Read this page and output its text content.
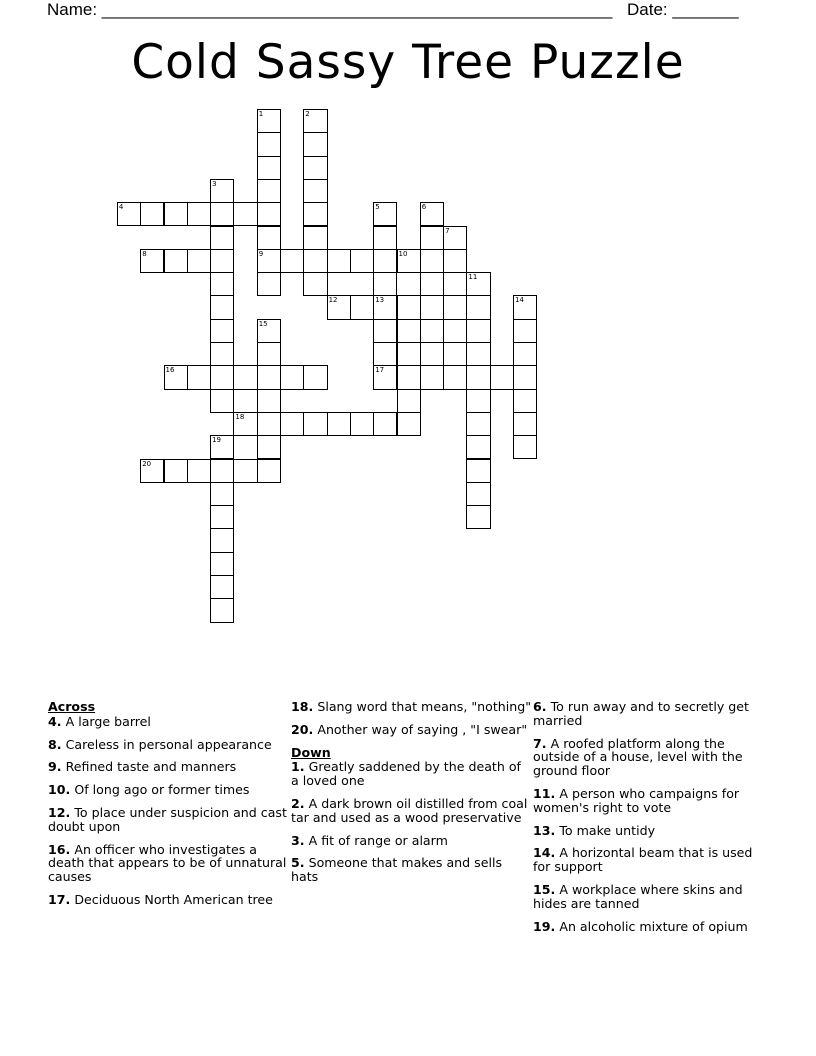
Name: ______________________________________________________ Date: _______
Cold Sassy Tree Puzzle
1	2
3
4	5	6
7
8	9	10
11
12	13	14
15
16	17
18
19
20
Across
4. A large barrel
8. Careless in personal appearance
9. Refined taste and manners
10. Of long ago or former times
12. To place under suspicion and cast doubt upon
16. An officer who investigates a death that appears to be of unnatural causes
17. Deciduous North American tree
18. Slang word that means, "nothing"
20. Another way of saying , "I swear"
Down
1. Greatly saddened by the death of a loved one
2. A dark brown oil distilled from coal tar and used as a wood preservative
3. A fit of range or alarm
5. Someone that makes and sells hats
6. To run away and to secretly get married
7. A roofed platform along the outside of a house, level with the ground floor
11. A person who campaigns for women's right to vote
13. To make untidy
14. A horizontal beam that is used for support
15. A workplace where skins and hides are tanned
19. An alcoholic mixture of opium
